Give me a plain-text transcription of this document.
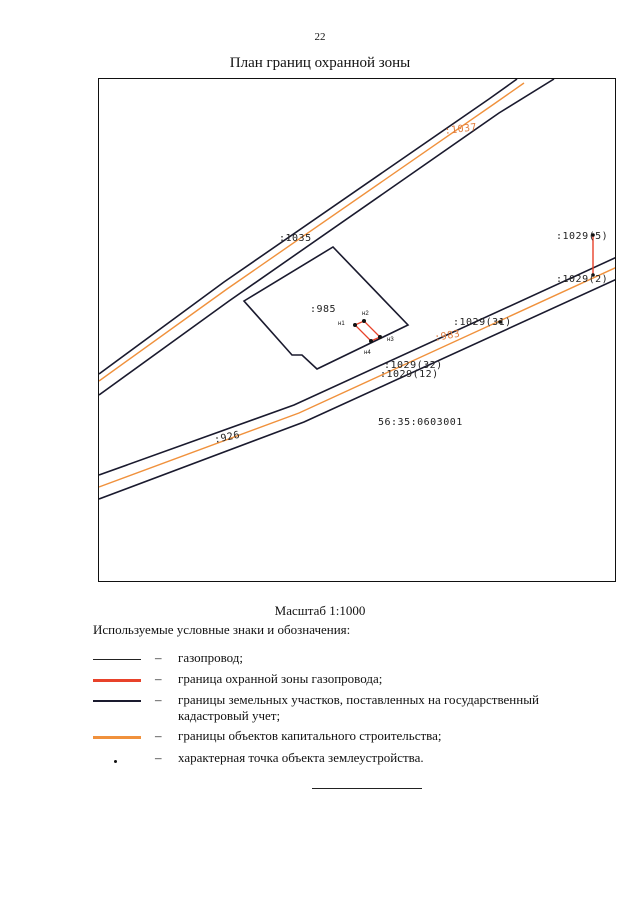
22
План границ охранной зоны
:1037
:1035
:985
:983
:926
:1029(5)
:1029(2)
:1029(31)
:1029(32)
:1029(12)
56:35:0603001
н1
н2
н3
н4
Масштаб 1:1000
Используемые условные знаки и обозначения:
– газопровод;
– граница охранной зоны газопровода;
– границы земельных участков, поставленных на государственный кадастровый учет;
– границы объектов капитального строительства;
– характерная точка объекта землеустройства.
